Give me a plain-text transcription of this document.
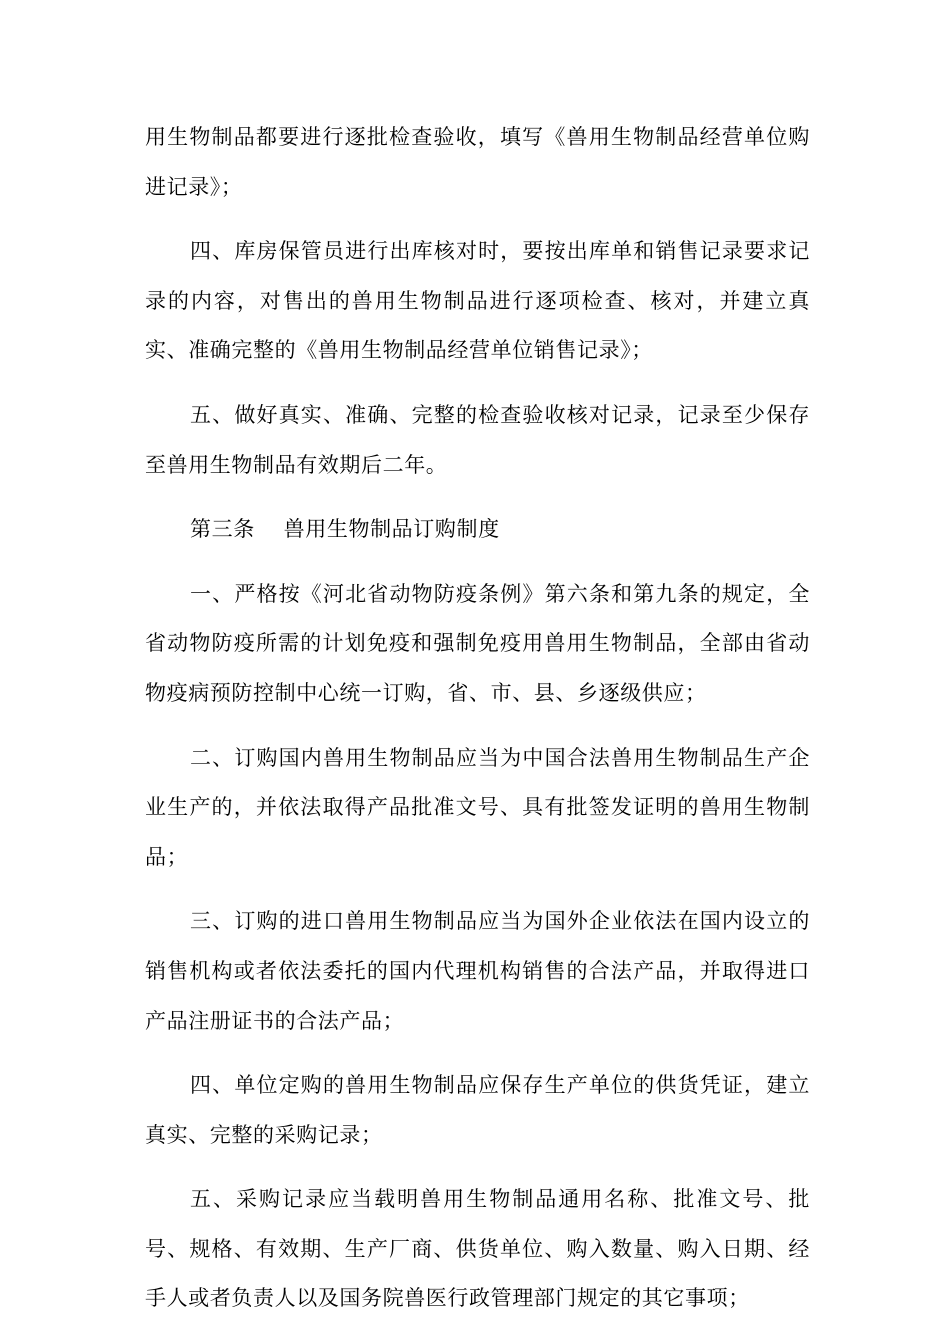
用生物制品都要进行逐批检查验收，填写《兽用生物制品经营单位购进记录》；

四、库房保管员进行出库核对时，要按出库单和销售记录要求记录的内容，对售出的兽用生物制品进行逐项检查、核对，并建立真实、准确完整的《兽用生物制品经营单位销售记录》；

五、做好真实、准确、完整的检查验收核对记录，记录至少保存至兽用生物制品有效期后二年。

第三条　 兽用生物制品订购制度

一、严格按《河北省动物防疫条例》第六条和第九条的规定，全省动物防疫所需的计划免疫和强制免疫用兽用生物制品，全部由省动物疫病预防控制中心统一订购，省、市、县、乡逐级供应；

二、订购国内兽用生物制品应当为中国合法兽用生物制品生产企业生产的，并依法取得产品批准文号、具有批签发证明的兽用生物制品；

三、订购的进口兽用生物制品应当为国外企业依法在国内设立的销售机构或者依法委托的国内代理机构销售的合法产品，并取得进口产品注册证书的合法产品；

四、单位定购的兽用生物制品应保存生产单位的供货凭证，建立真实、完整的采购记录；

五、采购记录应当载明兽用生物制品通用名称、批准文号、批号、规格、有效期、生产厂商、供货单位、购入数量、购入日期、经手人或者负责人以及国务院兽医行政管理部门规定的其它事项；
